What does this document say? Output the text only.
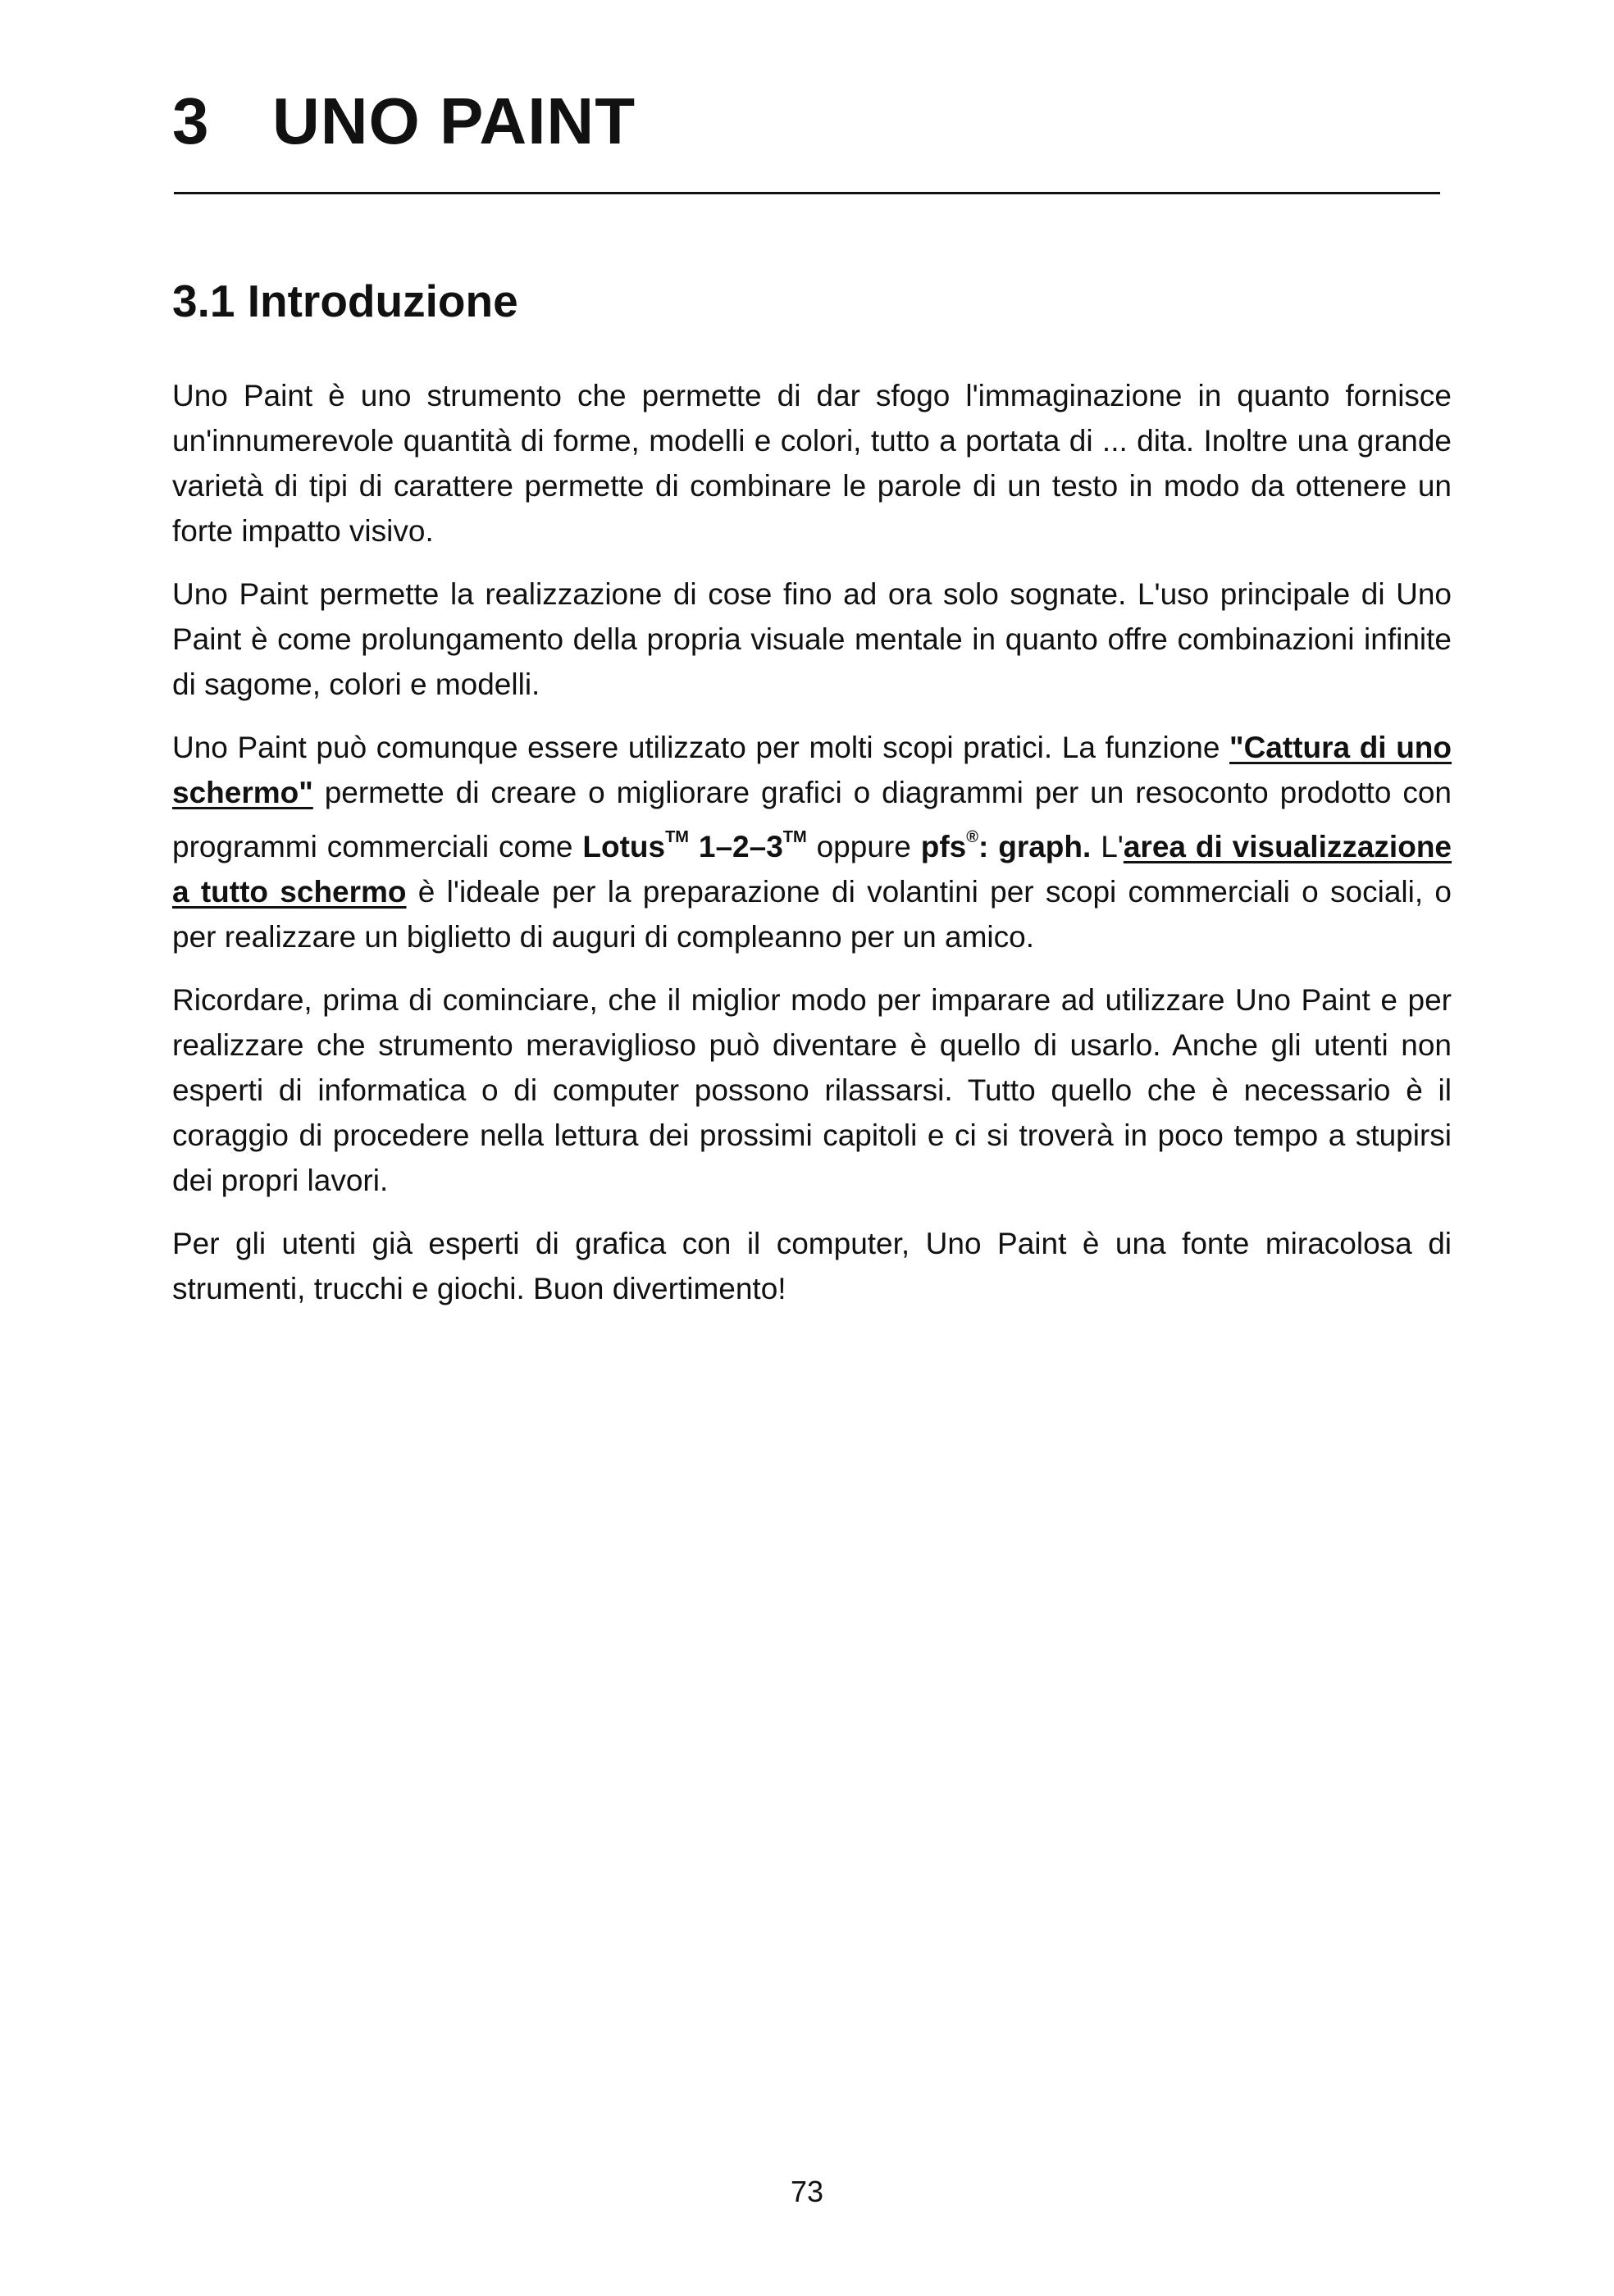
3 UNO PAINT
3.1 Introduzione

Uno Paint è uno strumento che permette di dar sfogo l'immaginazione in quanto fornisce un'innumerevole quantità di forme, modelli e colori, tutto a portata di ... dita. Inoltre una grande varietà di tipi di carattere permette di combinare le parole di un testo in modo da ottenere un forte impatto visivo.

Uno Paint permette la realizzazione di cose fino ad ora solo sognate. L'uso principale di Uno Paint è come prolungamento della propria visuale mentale in quanto offre combinazioni infinite di sagome, colori e modelli.

Uno Paint può comunque essere utilizzato per molti scopi pratici. La funzione "Cattura di uno schermo" permette di creare o migliorare grafici o diagrammi per un resoconto prodotto con programmi commerciali come Lotus™ 1–2–3™ oppure pfs®: graph. L'area di visualizzazione a tutto schermo è l'ideale per la preparazione di volantini per scopi commerciali o sociali, o per realizzare un biglietto di auguri di compleanno per un amico.

Ricordare, prima di cominciare, che il miglior modo per imparare ad utilizzare Uno Paint e per realizzare che strumento meraviglioso può diventare è quello di usarlo. Anche gli utenti non esperti di informatica o di computer possono rilassarsi. Tutto quello che è necessario è il coraggio di procedere nella lettura dei prossimi capitoli e ci si troverà in poco tempo a stupirsi dei propri lavori.

Per gli utenti già esperti di grafica con il computer, Uno Paint è una fonte miracolosa di strumenti, trucchi e giochi. Buon divertimento!

73
